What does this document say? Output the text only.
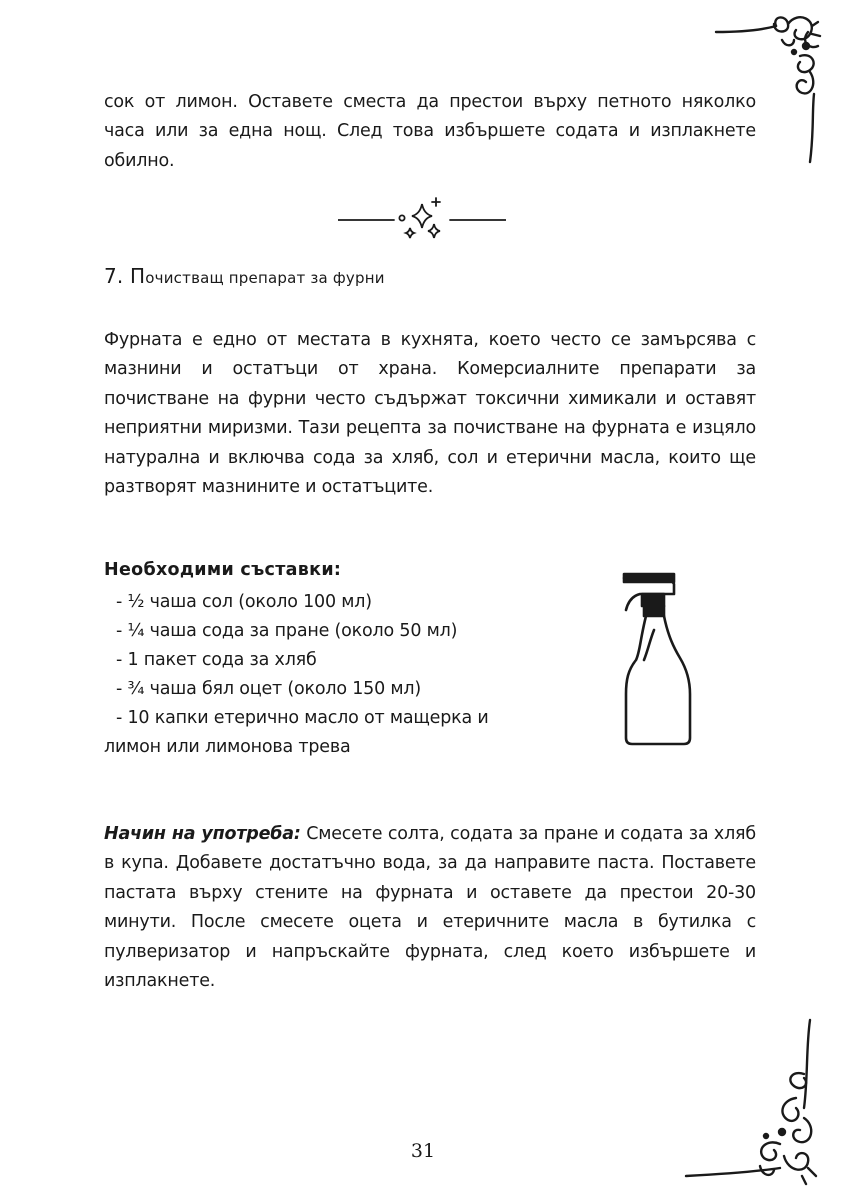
сок от лимон. Оставете сместа да престои върху петното няколко часа или за една нощ. След това избършете содата и изплакнете обилно.

7. Почистващ препарат за фурни

Фурната е едно от местата в кухнята, което често се замърсява с мазнини и остатъци от храна. Комерсиалните препарати за почистване на фурни често съдържат токсични химикали и оставят неприятни миризми. Тази рецепта за почистване на фурната е изцяло натурална и включва сода за хляб, сол и етерични масла, които ще разтворят мазнините и остатъците.

Необходими съставки:
- ½ чаша сол (около 100 мл)
- ¼ чаша сода за пране (около 50 мл)
- 1 пакет сода за хляб
- ¾ чаша бял оцет (около 150 мл)
- 10 капки етерично масло от мащерка и
лимон или лимонова трева

Начин на употреба: Смесете солта, содата за пране и содата за хляб в купа. Добавете достатъчно вода, за да направите паста. Поставете пастата върху стените на фурната и оставете да престои 20-30 минути. После смесете оцета и етеричните масла в бутилка с пулверизатор и напръскайте фурната, след което избършете и изплакнете.

31
